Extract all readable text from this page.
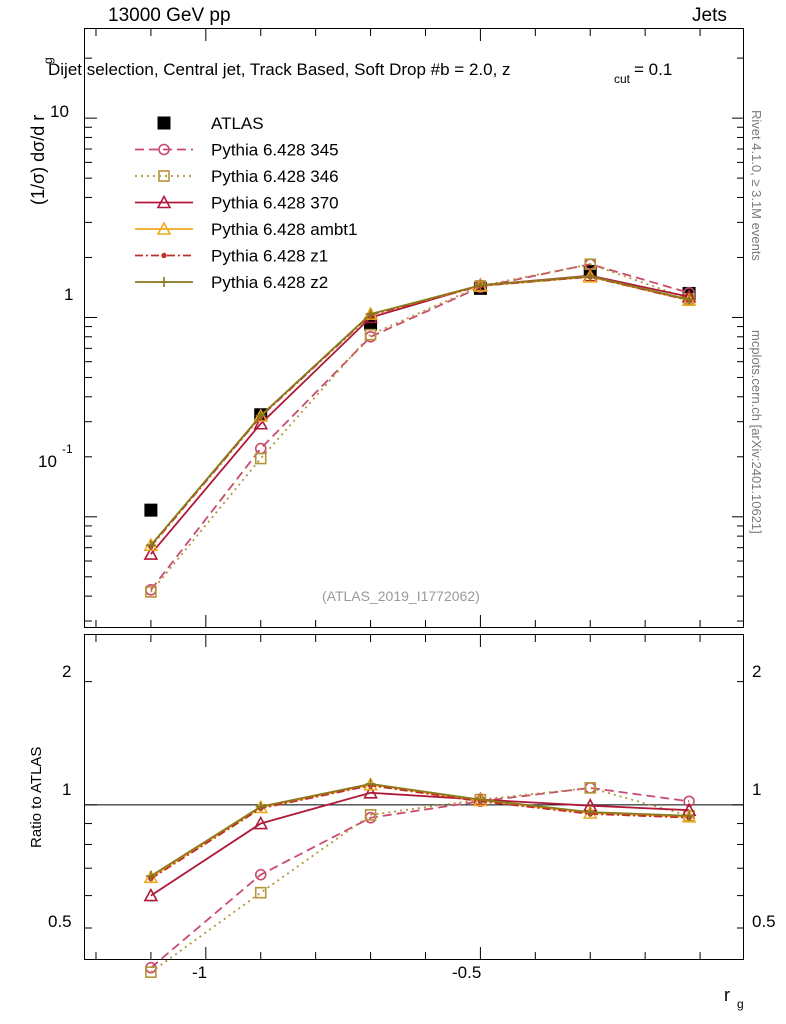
13000 GeV pp	Jets
Dijet selection, Central jet, Track Based, Soft Drop #b = 2.0, z	cut = 0.1
Rivet 4.1.0, ≥ 3.1M events
mcplots.cern.ch [arXiv:2401.10621]
(1/σ) dσ/d r
g
Ratio to ATLAS
r g
10
1
10
-1
2
1
0.5
2
1
0.5
-1	-0.5
(ATLAS_2019_I1772062)
ATLAS
Pythia 6.428 345
Pythia 6.428 346
Pythia 6.428 370
Pythia 6.428 ambt1
Pythia 6.428 z1
Pythia 6.428 z2
